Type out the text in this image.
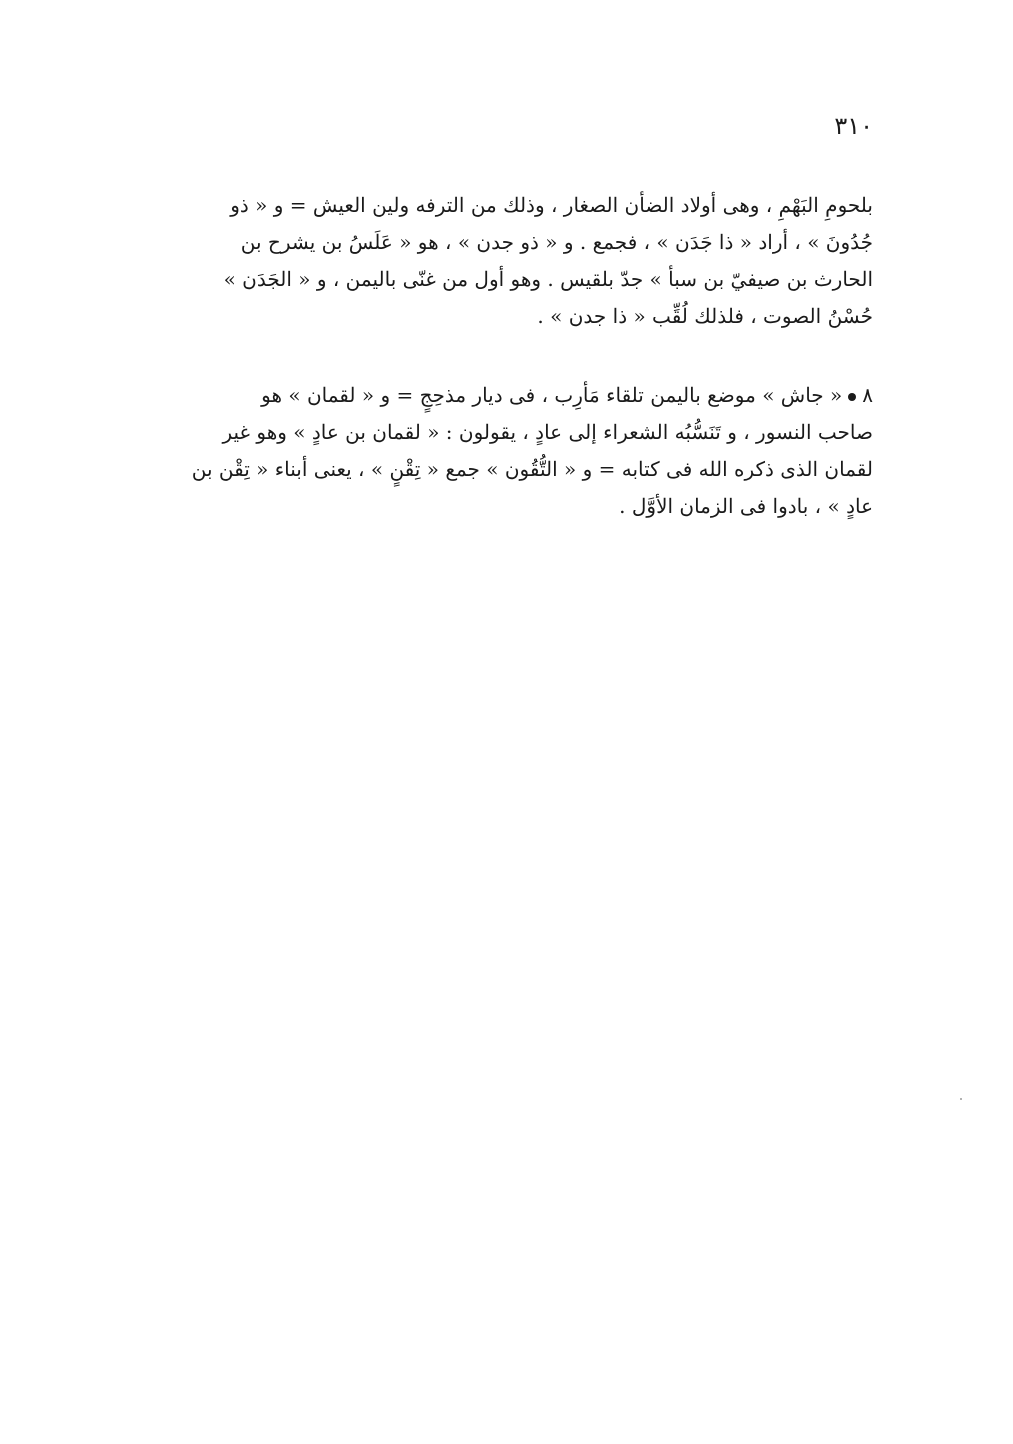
٣١٠
بلحومِ البَهْمِ ، وهى أولاد الضأن الصغار ، وذلك من الترفه ولين العيش = و « ذو
جُدُونَ » ، أراد « ذا جَدَن » ، فجمع . و « ذو جدن » ، هو « عَلَسُ بن يشرح بن
الحارث بن صيفيّ بن سبأ » جدّ بلقيس . وهو أول من غنّى باليمن ، و « الجَدَن »
حُسْنُ الصوت ، فلذلك لُقِّب « ذا جدن » .
٨« جاش » موضع باليمن تلقاء مَأرِب ، فى ديار مذحِجٍ = و « لقمان » هو
صاحب النسور ، و تَنَسُّبُه الشعراء إلى عادٍ ، يقولون : « لقمان بن عادٍ » وهو غير
لقمان الذى ذكره الله فى كتابه = و « التُّقُون » جمع « تِقْنٍ » ، يعنى أبناء « تِقْن بن
عادٍ » ، بادوا فى الزمان الأوَّل .
